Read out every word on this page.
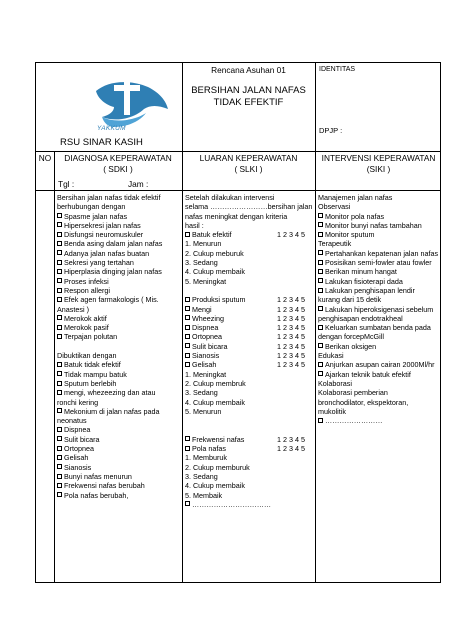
YAKKUM
RSU SINAR KASIH
Rencana Asuhan 01
BERSIHAN JALAN NAFAS
TIDAK EFEKTIF
IDENTITAS
DPJP :
NO	DIAGNOSA KEPERAWATAN
( SDKI )
Tgl :	Jam :
LUARAN KEPERAWATAN
( SLKI )
INTERVENSI KEPERAWATAN
(SIKI )
Bersihan jalan nafas tidak efektif
berhubungan dengan
Spasme jalan nafas
Hipersekresi jalan nafas
Disfungsi neuromuskuler
Benda asing dalam jalan nafas
Adanya jalan nafas buatan
Sekresi yang tertahan
Hiperplasia dinging jalan nafas
Proses infeksi
Respon allergi
Efek agen farmakologis ( Mis.
Anastesi )
Merokok aktif
Merokok pasif
Terpajan polutan
Dibuktikan dengan
Batuk tidak efektif
Tidak mampu batuk
Sputum berlebih
mengi, whezeezing dan atau
ronchi kering
Mekonium di jalan nafas pada
neonatus
Dispnea
Sulit bicara
Ortopnea
Gelisah
Sianosis
Bunyi nafas menurun
Frekwensi nafas berubah
Pola nafas berubah,
Setelah dilakukan intervensi
selama ……………………bersihan jalan
nafas meningkat dengan kriteria
hasil :
Batuk efektif	1 2 3 4 5
1. Menurun
2. Cukup meburuk
3. Sedang
4. Cukup membaik
5. Meningkat
Produksi sputum	1 2 3 4 5
Mengi	1 2 3 4 5
Wheezing	1 2 3 4 5
Dispnea	1 2 3 4 5
Ortopnea	1 2 3 4 5
Sulit bicara	1 2 3 4 5
Sianosis	1 2 3 4 5
Gelisah	1 2 3 4 5
1. Meningkat
2. Cukup membruk
3. Sedang
4. Cukup membaik
5. Menurun
Frekwensi nafas	1 2 3 4 5
Pola nafas	1 2 3 4 5
1. Memburuk
2. Cukup memburuk
3. Sedang
4. Cukup membaik
5. Membaik
……………………………
Manajemen jalan nafas
Observasi
Monitor pola nafas
Monitor bunyi nafas tambahan
Monitor sputum
Terapeutik
Pertahankan kepatenan jalan nafas
Posisikan semi-fowler atau fowler
Berikan minum hangat
Lakukan fisioterapi dada
Lakukan penghisapan lendir
kurang dari 15 detik
Lakukan hiperoksigenasi sebelum
penghisapan endotrakheal
Keluarkan sumbatan benda pada
dengan forcepMcGill
Berikan oksigen
Edukasi
Anjurkan asupan cairan 2000Ml/hr
Ajarkan teknik batuk efektif
Kolaborasi
Kolaborasi pemberian
bronchodilator, ekspektoran,
mukolitik
……………………
